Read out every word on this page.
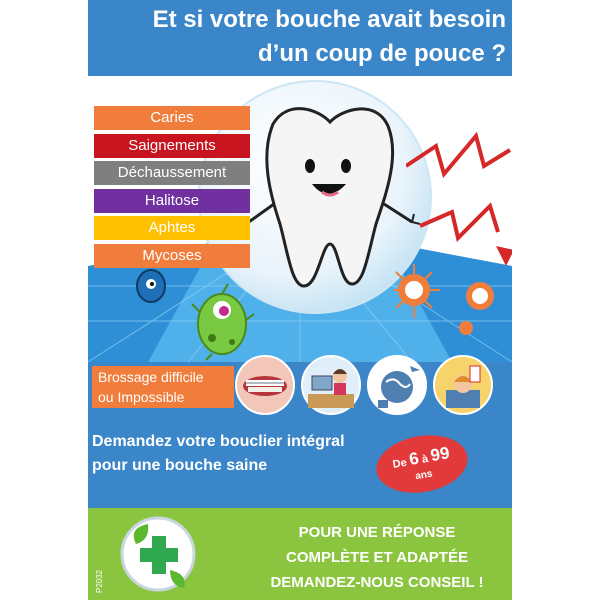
Et si votre bouche avait besoin
d’un coup de pouce ?
Caries
Saignements
Déchaussement
Halitose
Aphtes
Mycoses
Brossage difficile
ou Impossible

Demandez votre bouclier intégral
pour une bouche saine	De 6 à 99
ans
P2032

POUR UNE RÉPONSE
COMPLÈTE ET ADAPTÉE
DEMANDEZ-NOUS CONSEIL !
